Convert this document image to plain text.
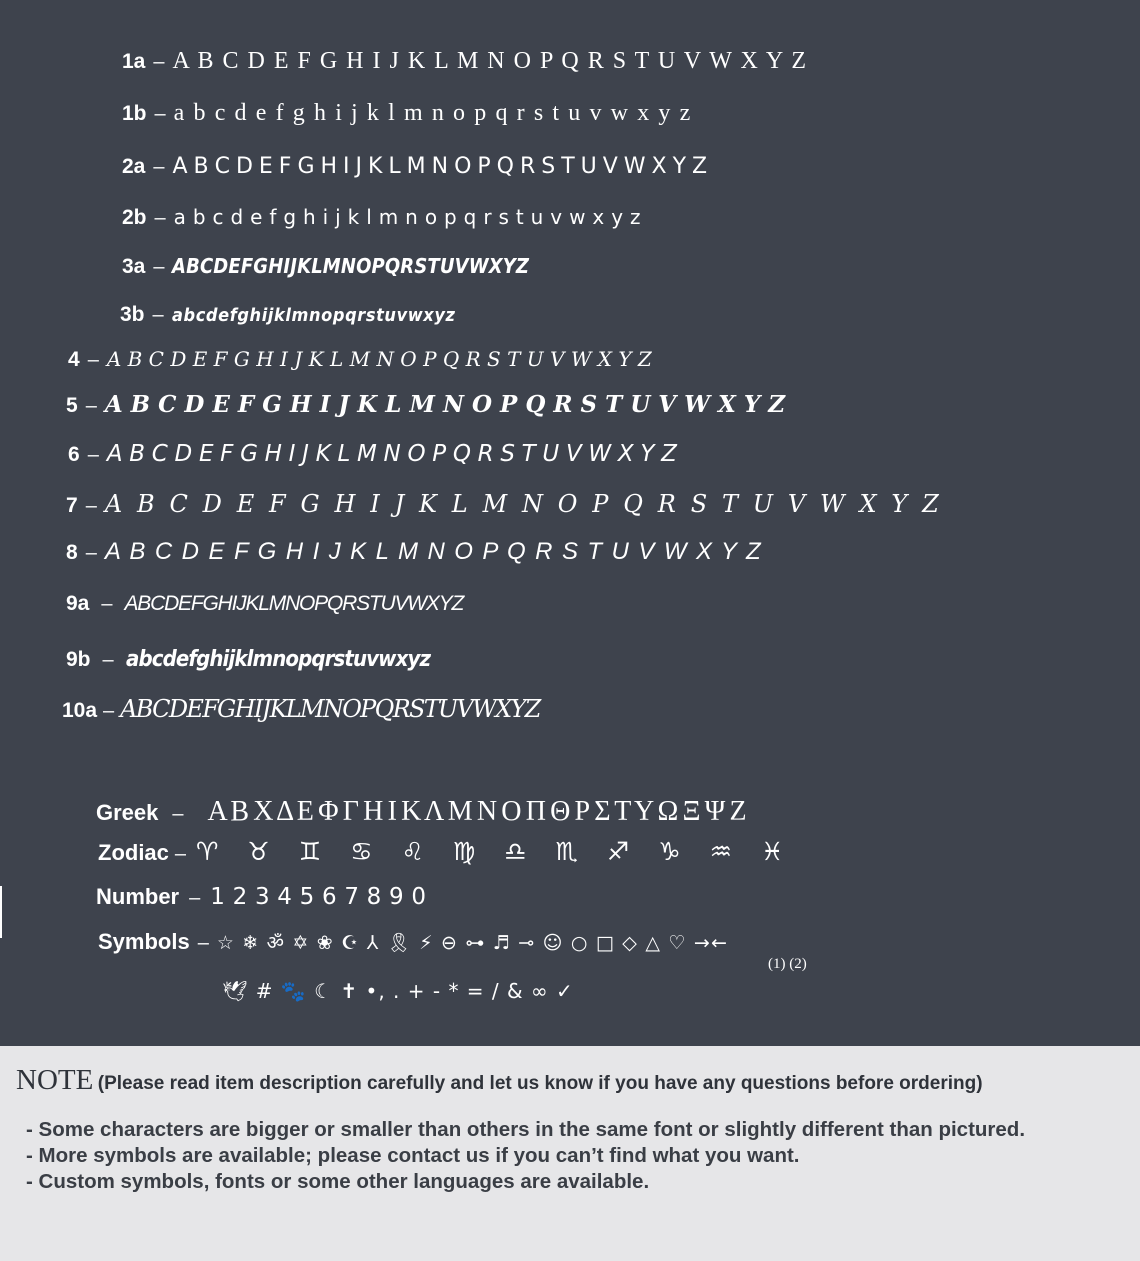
1a – A B C D E F G H I J K L M N O P Q R S T U V W X Y Z
1b – a b c d e f g h i j k l m n o p q r s t u v w x y z
2a – A B C D E F G H I J K L M N O P Q R S T U V W X Y Z
2b – a b c d e f g h i j k l m n o p q r s t u v w x y z
3a – A B C D E F G H I J K L M N O P Q R S T U V W X Y Z
3b – a b c d e f g h i j k l m n o p q r s t u v w x y z
4 – A B C D E F G H I J K L M N O P Q R S T U V W X Y Z
5 – A B C D E F G H I J K L M N O P Q R S T U V W X Y Z
6 – A B C D E F G H I J K L M N O P Q R S T U V W X Y Z
7 – A B C D E F G H I J K L M N O P Q R S T U V W X Y Z
8 – A B C D E F G H I J K L M N O P Q R S T U V W X Y Z
9a – ABCDEFGHIJKLMNOPQRSTUVWXYZ
9b – abcdefghijklmnopqrstuvwxyz
10a – ABCDEFGHIJKLMNOPQRSTUVWXYZ
Greek – Α Β Χ Δ Ε Φ Γ Η Ι Κ Λ Μ Ν Ο Π Θ Ρ Σ Τ Υ Ω Ξ Ψ Ζ
Zodiac – ♈︎ ♉︎ ♊︎ ♋︎ ♌︎ ♍︎ ♎︎ ♏︎ ♐︎ ♑︎ ♒︎ ♓︎
Number – 1 2 3 4 5 6 7 8 9 0
Symbols – ☆ ❄ ॐ ✡ ❀ ☪ ⅄ 🎗 ⚡ ⊖ ⊶ ♬ ⊸ ☺ ○ □ ◇ △ ♡ →←
(1) (2)
🕊 # 🐾 ☾ ✝ •, . + - * = / & ∞ ✓
NOTE (Please read item description carefully and let us know if you have any questions before ordering)
- Some characters are bigger or smaller than others in the same font or slightly different than pictured.
- More symbols are available; please contact us if you can’t find what you want.
- Custom symbols, fonts or some other languages are available.
